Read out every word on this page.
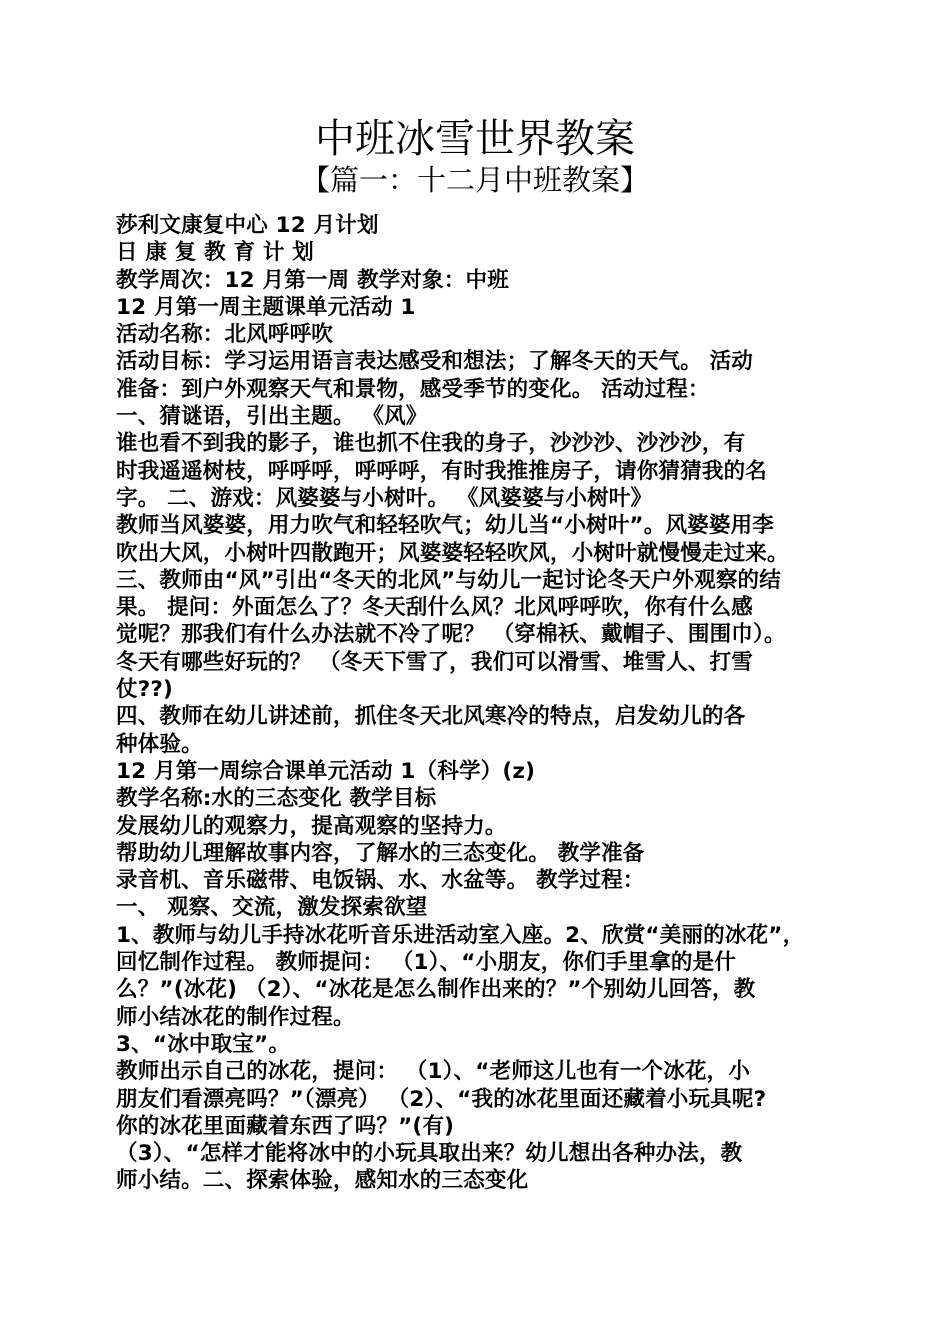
中班冰雪世界教案
【篇一：十二月中班教案】
莎利文康复中心 12 月计划
日 康 复 教 育 计 划
教学周次：12 月第一周 教学对象：中班
12 月第一周主题课单元活动 1
活动名称：北风呼呼吹
活动目标：学习运用语言表达感受和想法；了解冬天的天气。 活动
准备：到户外观察天气和景物，感受季节的变化。 活动过程：
一、猜谜语，引出主题。 《风》
谁也看不到我的影子，谁也抓不住我的身子，沙沙沙、沙沙沙，有
时我遥遥树枝，呼呼呼，呼呼呼，有时我推推房子，请你猜猜我的名
字。 二、游戏：风婆婆与小树叶。 《风婆婆与小树叶》
教师当风婆婆，用力吹气和轻轻吹气；幼儿当“小树叶”。风婆婆用李
吹出大风，小树叶四散跑开；风婆婆轻轻吹风，小树叶就慢慢走过来。
三、教师由“风”引出“冬天的北风”与幼儿一起讨论冬天户外观察的结
果。 提问：外面怎么了？冬天刮什么风？北风呼呼吹，你有什么感
觉呢？那我们有什么办法就不冷了呢？ （穿棉袄、戴帽子、围围巾）。
冬天有哪些好玩的？ （冬天下雪了，我们可以滑雪、堆雪人、打雪
仗??)
四、教师在幼儿讲述前，抓住冬天北风寒冷的特点，启发幼儿的各
种体验。
12 月第一周综合课单元活动 1（科学）(z)
教学名称:水的三态变化 教学目标
发展幼儿的观察力，提高观察的坚持力。
帮助幼儿理解故事内容，了解水的三态变化。 教学准备
录音机、音乐磁带、电饭锅、水、水盆等。 教学过程：
一、 观察、交流，激发探索欲望
1、教师与幼儿手持冰花听音乐进活动室入座。2、欣赏“美丽的冰花”，
回忆制作过程。 教师提问： （1）、“小朋友，你们手里拿的是什
么？”(冰花) （2）、“冰花是怎么制作出来的？”个别幼儿回答，教
师小结冰花的制作过程。
3、“冰中取宝”。
教师出示自己的冰花，提问： （1）、“老师这儿也有一个冰花，小
朋友们看漂亮吗？”（漂亮） （2）、“我的冰花里面还藏着小玩具呢?
你的冰花里面藏着东西了吗？”(有)
（3）、“怎样才能将冰中的小玩具取出来？幼儿想出各种办法，教
师小结。二、探索体验，感知水的三态变化
